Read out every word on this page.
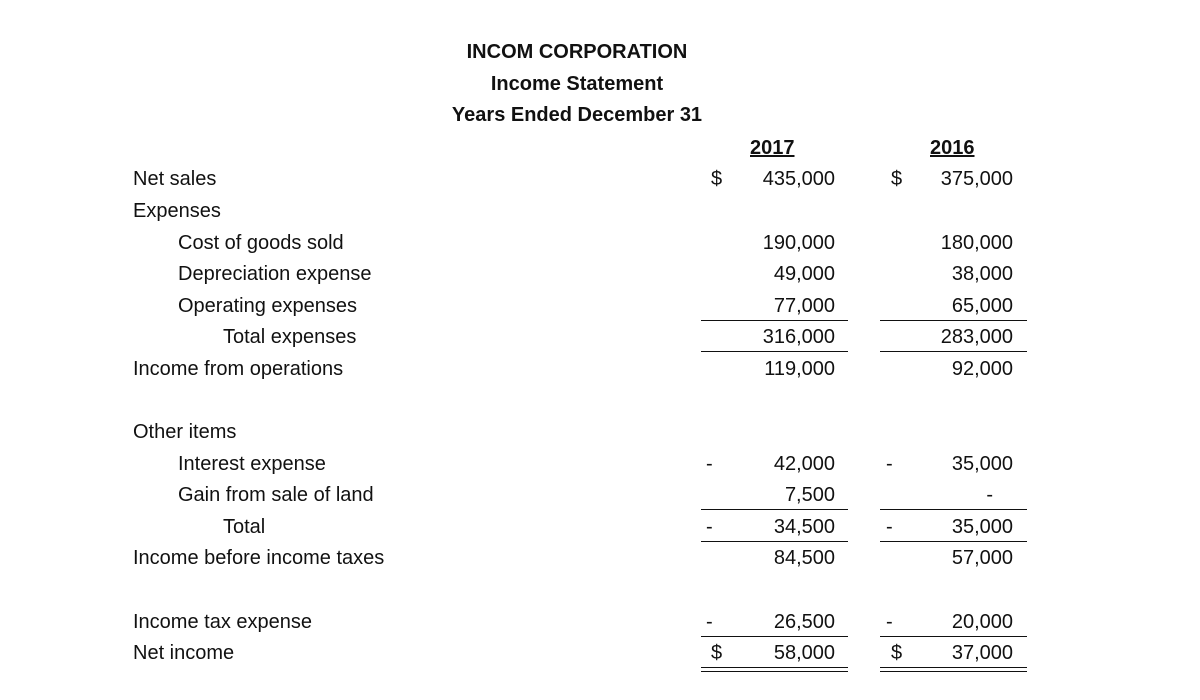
INCOM CORPORATION
Income Statement
Years Ended December 31
2017	2016
Net sales	$	435,000	$	375,000
Expenses
Cost of goods sold	190,000	180,000
Depreciation expense	49,000	38,000
Operating expenses	77,000	65,000
Total expenses	316,000	283,000
Income from operations	119,000	92,000
Other items
Interest expense	-	42,000	-	35,000
Gain from sale of land	7,500	-
Total	-	34,500	-	35,000
Income before income taxes	84,500	57,000
Income tax expense	-	26,500	-	20,000
Net income	$	58,000	$	37,000
